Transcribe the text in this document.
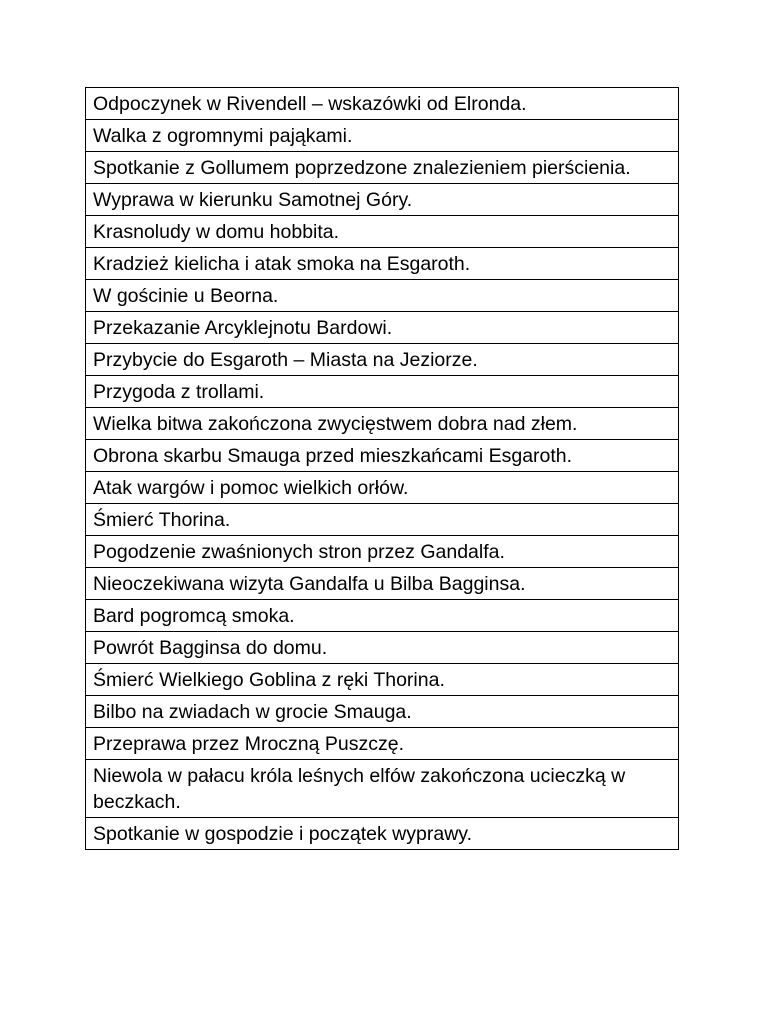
Odpoczynek w Rivendell – wskazówki od Elronda.
Walka z ogromnymi pająkami.
Spotkanie z Gollumem poprzedzone znalezieniem pierścienia.
Wyprawa w kierunku Samotnej Góry.
Krasnoludy w domu hobbita.
Kradzież kielicha i atak smoka na Esgaroth.
W gościnie u Beorna.
Przekazanie Arcyklejnotu Bardowi.
Przybycie do Esgaroth – Miasta na Jeziorze.
Przygoda z trollami.
Wielka bitwa zakończona zwycięstwem dobra nad złem.
Obrona skarbu Smauga przed mieszkańcami Esgaroth.
Atak wargów i pomoc wielkich orłów.
Śmierć Thorina.
Pogodzenie zwaśnionych stron przez Gandalfa.
Nieoczekiwana wizyta Gandalfa u Bilba Bagginsa.
Bard pogromcą smoka.
Powrót Bagginsa do domu.
Śmierć Wielkiego Goblina z ręki Thorina.
Bilbo na zwiadach w grocie Smauga.
Przeprawa przez Mroczną Puszczę.
Niewola w pałacu króla leśnych elfów zakończona ucieczką w beczkach.
Spotkanie w gospodzie i początek wyprawy.
